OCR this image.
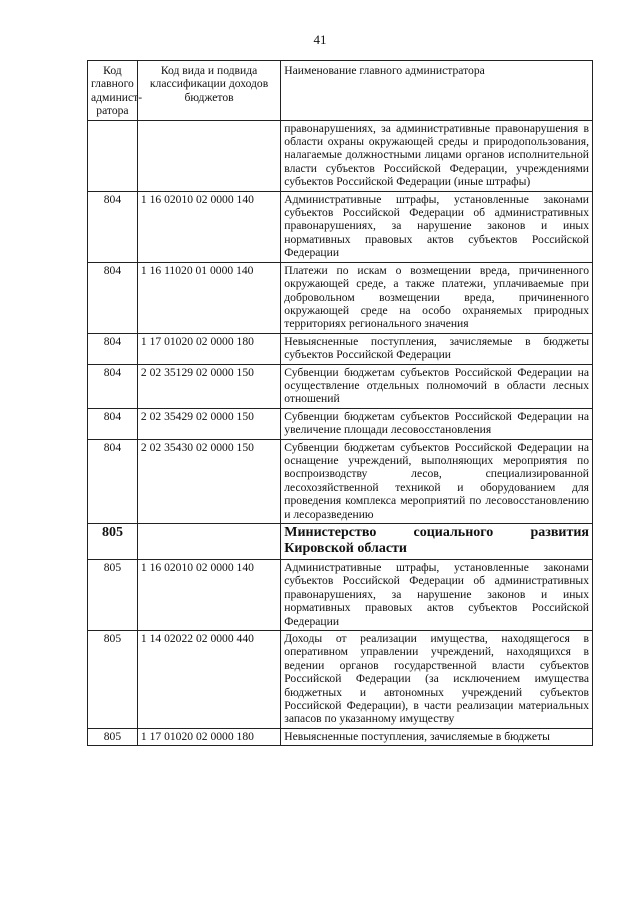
41
Код главного админист-ратора	Код вида и подвида классификации доходов бюджетов	Наименование главного администратора
		правонарушениях, за административные правонарушения в области охраны окружающей среды и природопользования, налагаемые должностными лицами органов исполнительной власти субъектов Российской Федерации, учреждениями субъектов Российской Федерации (иные штрафы)
804	1 16 02010 02 0000 140	Административные штрафы, установленные законами субъектов Российской Федерации об административных правонарушениях, за нарушение законов и иных нормативных правовых актов субъектов Российской Федерации
804	1 16 11020 01 0000 140	Платежи по искам о возмещении вреда, причиненного окружающей среде, а также платежи, уплачиваемые при добровольном возмещении вреда, причиненного окружающей среде на особо охраняемых природных территориях регионального значения
804	1 17 01020 02 0000 180	Невыясненные поступления, зачисляемые в бюджеты субъектов Российской Федерации
804	2 02 35129 02 0000 150	Субвенции бюджетам субъектов Российской Федерации на осуществление отдельных полномочий в области лесных отношений
804	2 02 35429 02 0000 150	Субвенции бюджетам субъектов Российской Федерации на увеличение площади лесовосстановления
804	2 02 35430 02 0000 150	Субвенции бюджетам субъектов Российской Федерации на оснащение учреждений, выполняющих мероприятия по воспроизводству лесов, специализированной лесохозяйственной техникой и оборудованием для проведения комплекса мероприятий по лесовосстановлению и лесоразведению
805		Министерство социального развития Кировской области
805	1 16 02010 02 0000 140	Административные штрафы, установленные законами субъектов Российской Федерации об административных правонарушениях, за нарушение законов и иных нормативных правовых актов субъектов Российской Федерации
805	1 14 02022 02 0000 440	Доходы от реализации имущества, находящегося в оперативном управлении учреждений, находящихся в ведении органов государственной власти субъектов Российской Федерации (за исключением имущества бюджетных и автономных учреждений субъектов Российской Федерации), в части реализации материальных запасов по указанному имуществу
805	1 17 01020 02 0000 180	Невыясненные поступления, зачисляемые в бюджеты
